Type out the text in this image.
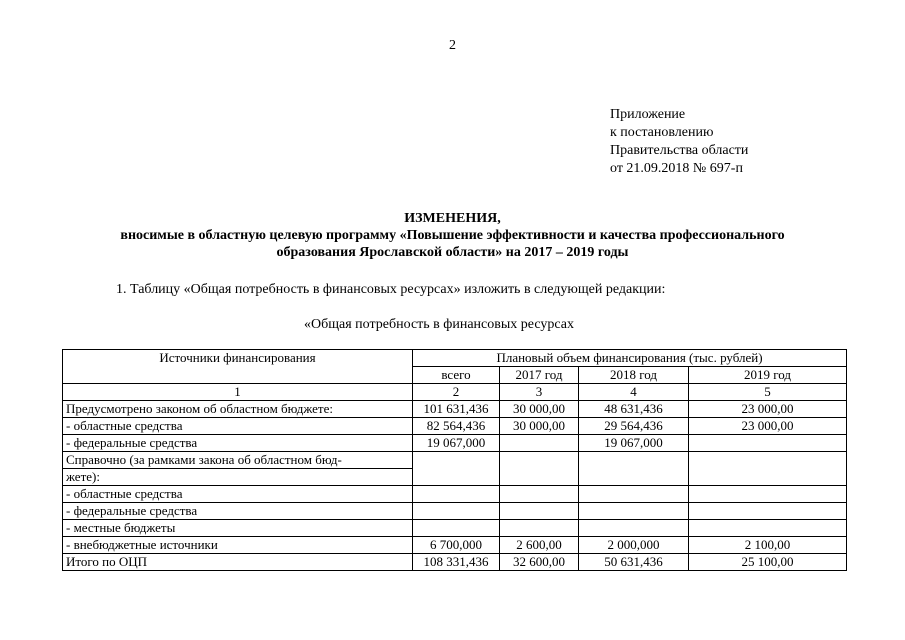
2
Приложение
к постановлению
Правительства области
от 21.09.2018 № 697-п
ИЗМЕНЕНИЯ,
вносимые в областную целевую программу «Повышение эффективности и качества профессионального
образования Ярославской области» на 2017 – 2019 годы
1. Таблицу «Общая потребность в финансовых ресурсах» изложить в следующей редакции:
«Общая потребность в финансовых ресурсах
Источники финансирования	Плановый объем финансирования (тыс. рублей)			
	всего	2017 год	2018 год	2019 год
1	2	3	4	5
Предусмотрено законом об областном бюджете:	101 631,436	30 000,00	48 631,436	23 000,00
- областные средства	82 564,436	30 000,00	29 564,436	23 000,00
- федеральные средства	19 067,000		19 067,000	
Справочно (за рамками закона об областном бюд-				
жете):				
- областные средства				
- федеральные средства				
- местные бюджеты				
- внебюджетные источники	6 700,000	2 600,00	2 000,000	2 100,00
Итого по ОЦП	108 331,436	32 600,00	50 631,436	25 100,00
